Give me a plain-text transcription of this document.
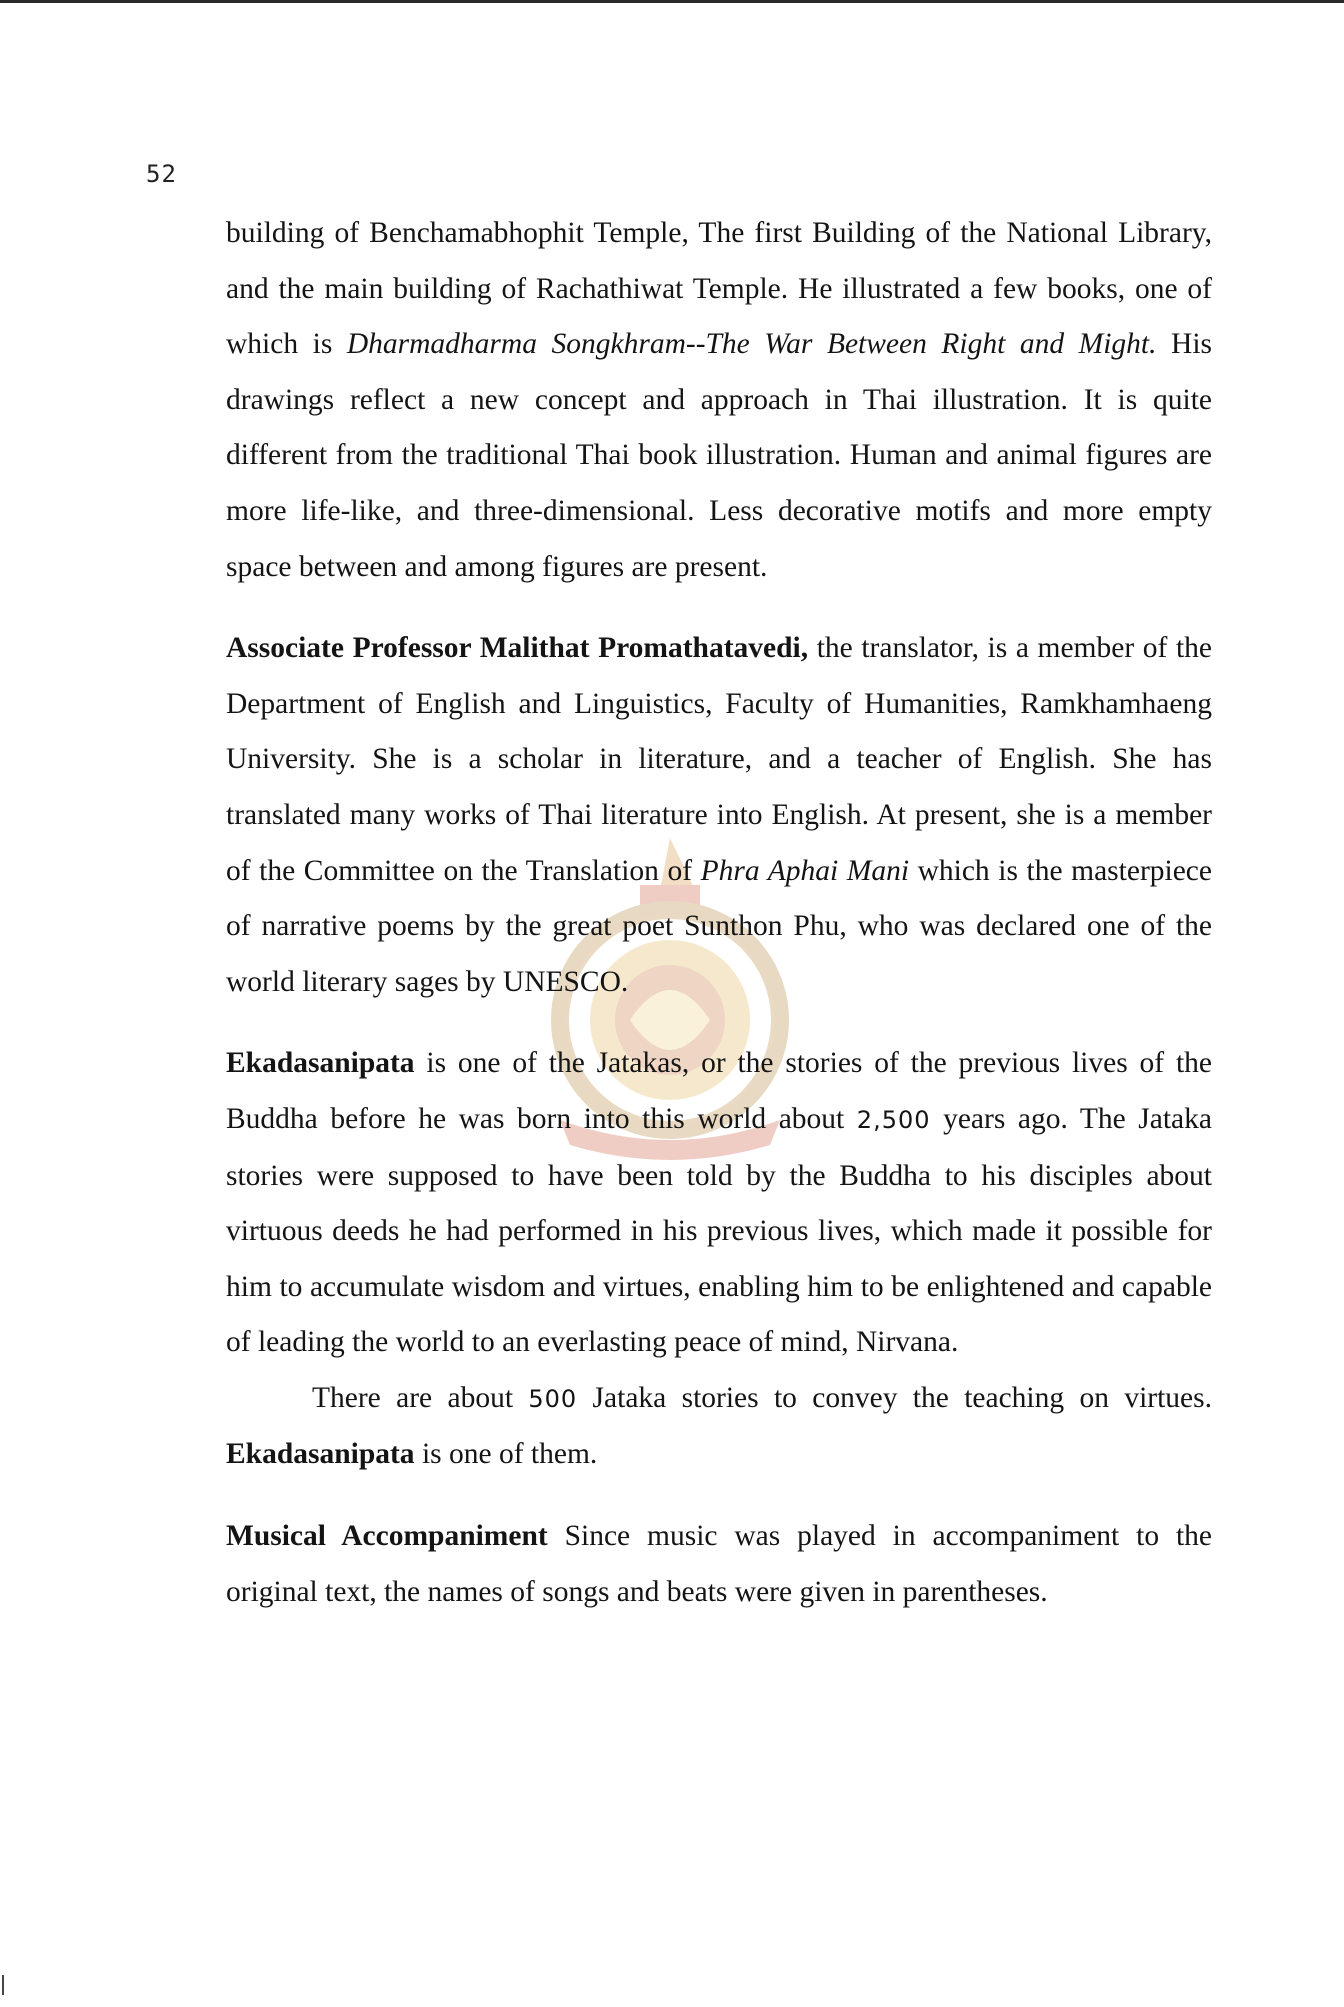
52

building of Benchamabhophit Temple, The first Building of the National Library, and the main building of Rachathiwat Temple. He illustrated a few books, one of which is Dharmadharma Songkhram--The War Between Right and Might. His drawings reflect a new concept and approach in Thai illustration. It is quite different from the traditional Thai book illustration. Human and animal figures are more life-like, and three-dimensional. Less decorative motifs and more empty space between and among figures are present.

Associate Professor Malithat Promathatavedi, the translator, is a member of the Department of English and Linguistics, Faculty of Humanities, Ramkhamhaeng University. She is a scholar in literature, and a teacher of English. She has translated many works of Thai literature into English. At present, she is a member of the Committee on the Translation of Phra Aphai Mani which is the masterpiece of narrative poems by the great poet Sunthon Phu, who was declared one of the world literary sages by UNESCO.

Ekadasanipata is one of the Jatakas, or the stories of the previous lives of the Buddha before he was born into this world about 2,500 years ago. The Jataka stories were supposed to have been told by the Buddha to his disciples about virtuous deeds he had performed in his previous lives, which made it possible for him to accumulate wisdom and virtues, enabling him to be enlightened and capable of leading the world to an everlasting peace of mind, Nirvana.

There are about 500 Jataka stories to convey the teaching on virtues. Ekadasanipata is one of them.

Musical Accompaniment Since music was played in accompaniment to the original text, the names of songs and beats were given in parentheses.
